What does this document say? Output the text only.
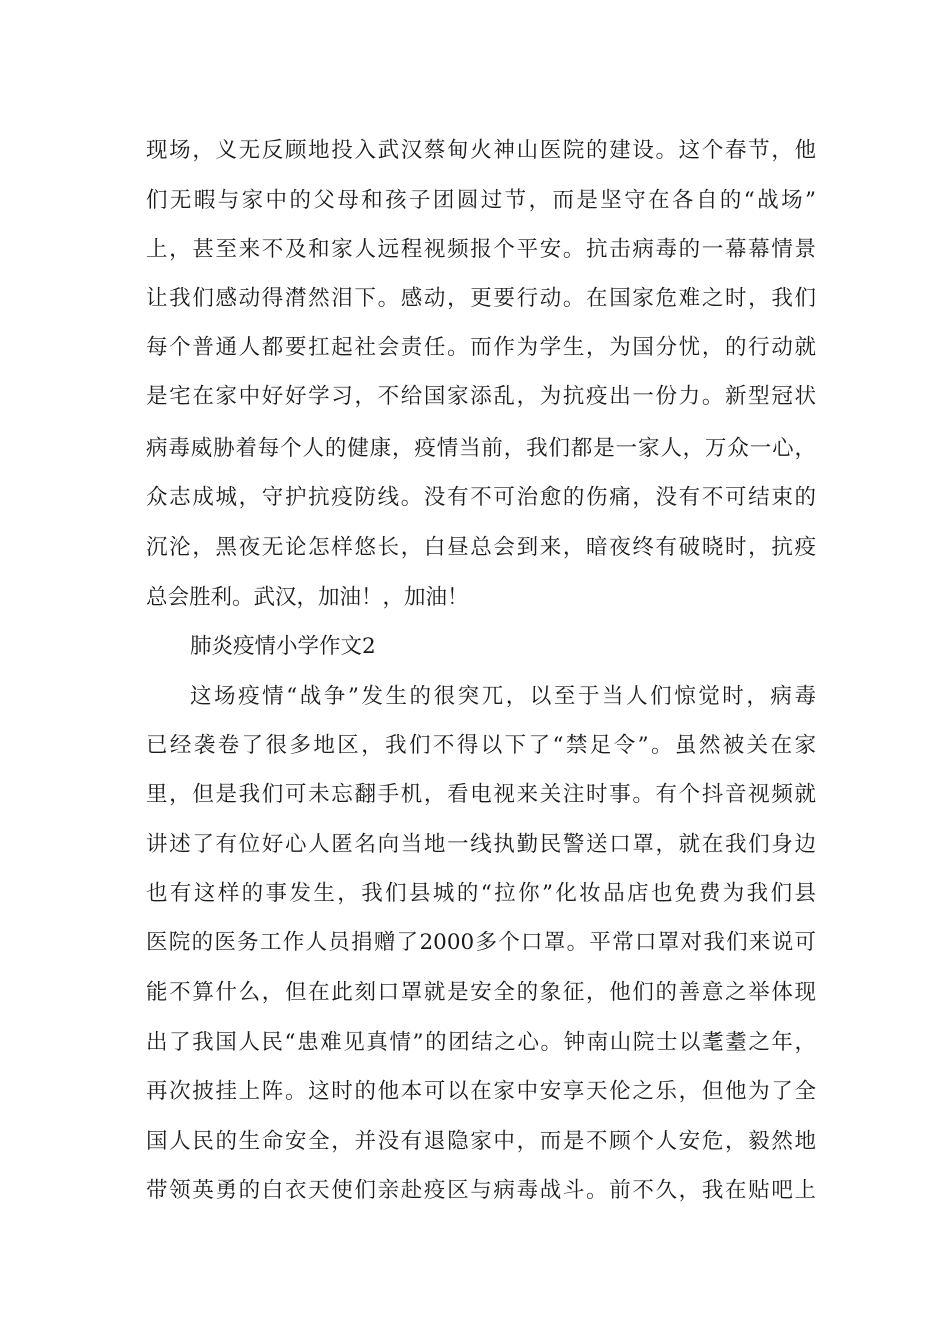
现场，义无反顾地投入武汉蔡甸火神山医院的建设。这个春节，他
们无暇与家中的父母和孩子团圆过节，而是坚守在各自的“战场”
上，甚至来不及和家人远程视频报个平安。抗击病毒的一幕幕情景
让我们感动得潸然泪下。感动，更要行动。在国家危难之时，我们
每个普通人都要扛起社会责任。而作为学生，为国分忧，的行动就
是宅在家中好好学习，不给国家添乱，为抗疫出一份力。新型冠状
病毒威胁着每个人的健康，疫情当前，我们都是一家人，万众一心，
众志成城，守护抗疫防线。没有不可治愈的伤痛，没有不可结束的
沉沦，黑夜无论怎样悠长，白昼总会到来，暗夜终有破晓时，抗疫
总会胜利。武汉，加油！，加油！
肺炎疫情小学作文2
这场疫情“战争”发生的很突兀，以至于当人们惊觉时，病毒
已经袭卷了很多地区，我们不得以下了“禁足令”。虽然被关在家
里，但是我们可未忘翻手机，看电视来关注时事。有个抖音视频就
讲述了有位好心人匿名向当地一线执勤民警送口罩，就在我们身边
也有这样的事发生，我们县城的“拉你”化妆品店也免费为我们县
医院的医务工作人员捐赠了2000多个口罩。平常口罩对我们来说可
能不算什么，但在此刻口罩就是安全的象征，他们的善意之举体现
出了我国人民“患难见真情”的团结之心。钟南山院士以耄耋之年，
再次披挂上阵。这时的他本可以在家中安享天伦之乐，但他为了全
国人民的生命安全，并没有退隐家中，而是不顾个人安危，毅然地
带领英勇的白衣天使们亲赴疫区与病毒战斗。前不久，我在贴吧上
